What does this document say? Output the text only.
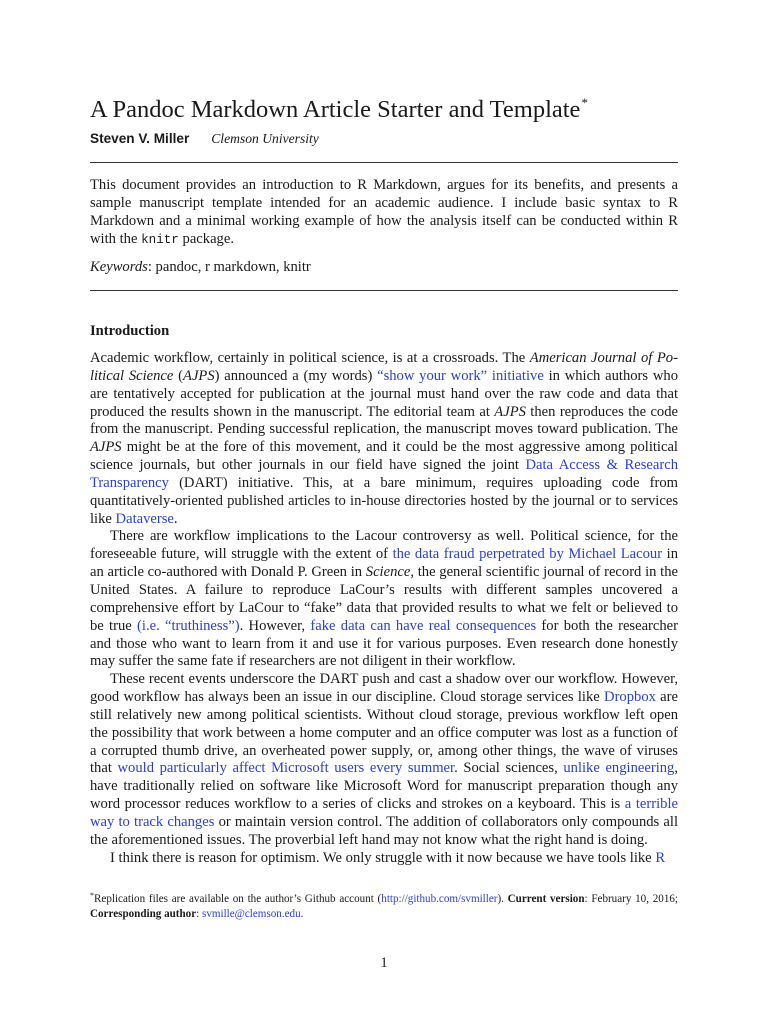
A Pandoc Markdown Article Starter and Template*
Steven V. Miller Clemson University

This document provides an introduction to R Markdown, argues for its benefits, and presents a sample manuscript template intended for an academic audience. I include basic syntax to R Markdown and a minimal working example of how the analysis itself can be conducted within R with the knitr package.

Keywords: pandoc, r markdown, knitr
Introduction

Academic workflow, certainly in political science, is at a crossroads. The American Journal of Political Science (AJPS) announced a (my words) “show your work” initiative in which authors who are tentatively accepted for publication at the journal must hand over the raw code and data that produced the results shown in the manuscript. The editorial team at AJPS then reproduces the code from the manuscript. Pending successful replication, the manuscript moves toward publication. The AJPS might be at the fore of this movement, and it could be the most aggressive among political science journals, but other journals in our field have signed the joint Data Access & Research Transparency (DART) initiative. This, at a bare minimum, requires uploading code from quantitatively-oriented published articles to in-house directories hosted by the journal or to services like Dataverse.

There are workflow implications to the Lacour controversy as well. Political science, for the foreseeable future, will struggle with the extent of the data fraud perpetrated by Michael Lacour in an article co-authored with Donald P. Green in Science, the general scientific journal of record in the United States. A failure to reproduce LaCour’s results with different samples uncovered a comprehensive effort by LaCour to “fake” data that provided results to what we felt or believed to be true (i.e. “truthiness”). However, fake data can have real consequences for both the researcher and those who want to learn from it and use it for various purposes. Even research done honestly may suffer the same fate if researchers are not diligent in their workflow.

These recent events underscore the DART push and cast a shadow over our workflow. However, good workflow has always been an issue in our discipline. Cloud storage services like Dropbox are still relatively new among political scientists. Without cloud storage, previous workflow left open the possibility that work between a home computer and an office computer was lost as a function of a corrupted thumb drive, an overheated power supply, or, among other things, the wave of viruses that would particularly affect Microsoft users every summer. Social sciences, unlike engineering, have traditionally relied on software like Microsoft Word for manuscript preparation though any word processor reduces workflow to a series of clicks and strokes on a keyboard. This is a terrible way to track changes or maintain version control. The addition of collaborators only compounds all the aforementioned issues. The proverbial left hand may not know what the right hand is doing.

I think there is reason for optimism. We only struggle with it now because we have tools like R

*Replication files are available on the author’s Github account (http://github.com/svmiller). Current version: February 10, 2016; Corresponding author: svmille@clemson.edu.

1
